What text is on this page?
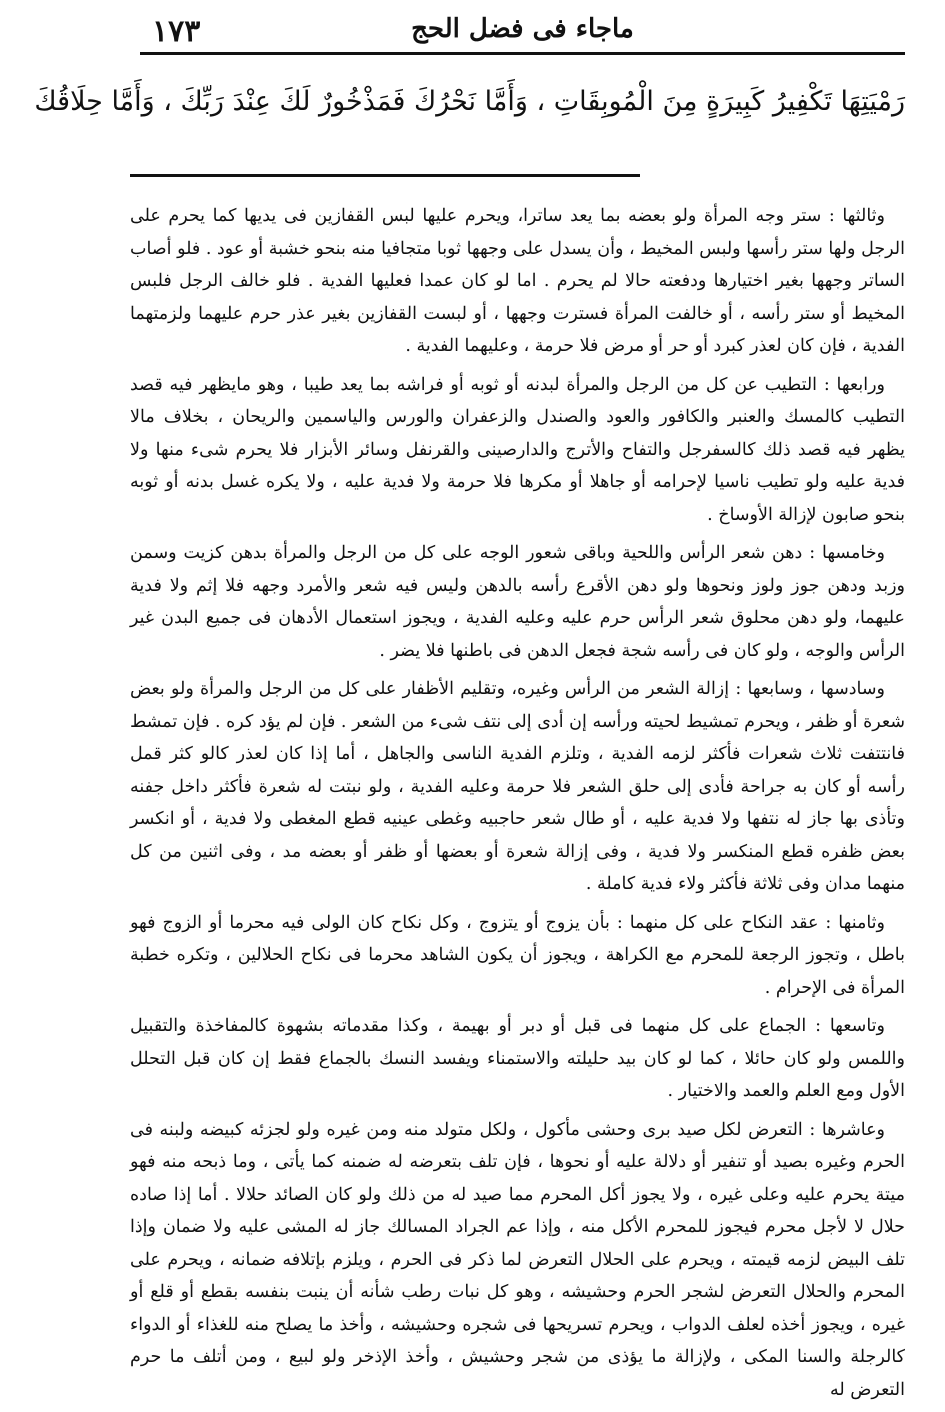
١٧٣	ماجاء فى فضل الحج
رَمْيَتِهَا تَكْفِيرُ كَبِيرَةٍ مِنَ الْمُوبِقَاتِ ، وَأَمَّا نَحْرُكَ فَمَذْخُورٌ لَكَ عِنْدَ رَبِّكَ ، وَأَمَّا حِلَاقُكَ

وثالثها : ستر وجه المرأة ولو بعضه بما يعد ساترا، ويحرم عليها لبس القفازين فى يديها كما يحرم على الرجل ولها ستر رأسها ولبس المخيط ، وأن يسدل على وجهها ثوبا متجافيا منه بنحو خشبة أو عود . فلو أصاب الساتر وجهها بغير اختيارها ودفعته حالا لم يحرم . اما لو كان عمدا فعليها الفدية . فلو خالف الرجل فلبس المخيط أو ستر رأسه ، أو خالفت المرأة فسترت وجهها ، أو لبست القفازين بغير عذر حرم عليهما ولزمتهما الفدية ، فإن كان لعذر كبرد أو حر أو مرض فلا حرمة ، وعليهما الفدية .

ورابعها : التطيب عن كل من الرجل والمرأة لبدنه أو ثوبه أو فراشه بما يعد طيبا ، وهو مايظهر فيه قصد التطيب كالمسك والعنبر والكافور والعود والصندل والزعفران والورس والياسمين والريحان ، بخلاف مالا يظهر فيه قصد ذلك كالسفرجل والتفاح والأترج والدارصينى والقرنفل وسائر الأبزار فلا يحرم شىء منها ولا فدية عليه ولو تطيب ناسيا لإحرامه أو جاهلا أو مكرها فلا حرمة ولا فدية عليه ، ولا يكره غسل بدنه أو ثوبه بنحو صابون لإزالة الأوساخ .

وخامسها : دهن شعر الرأس واللحية وباقى شعور الوجه على كل من الرجل والمرأة بدهن كزيت وسمن وزبد ودهن جوز ولوز ونحوها ولو دهن الأقرع رأسه بالدهن وليس فيه شعر والأمرد وجهه فلا إثم ولا فدية عليهما، ولو دهن محلوق شعر الرأس حرم عليه وعليه الفدية ، ويجوز استعمال الأدهان فى جميع البدن غير الرأس والوجه ، ولو كان فى رأسه شجة فجعل الدهن فى باطنها فلا يضر .

وسادسها ، وسابعها : إزالة الشعر من الرأس وغيره، وتقليم الأظفار على كل من الرجل والمرأة ولو بعض شعرة أو ظفر ، ويحرم تمشيط لحيته ورأسه إن أدى إلى نتف شىء من الشعر . فإن لم يؤد كره . فإن تمشط فانتتفت ثلاث شعرات فأكثر لزمه الفدية ، وتلزم الفدية الناسى والجاهل ، أما إذا كان لعذر كالو كثر قمل رأسه أو كان به جراحة فأدى إلى حلق الشعر فلا حرمة وعليه الفدية ، ولو نبتت له شعرة فأكثر داخل جفنه وتأذى بها جاز له نتفها ولا فدية عليه ، أو طال شعر حاجبيه وغطى عينيه قطع المغطى ولا فدية ، أو انكسر بعض ظفره قطع المنكسر ولا فدية ، وفى إزالة شعرة أو بعضها أو ظفر أو بعضه مد ، وفى اثنين من كل منهما مدان وفى ثلاثة فأكثر ولاء فدية كاملة .

وثامنها : عقد النكاح على كل منهما : بأن يزوج أو يتزوج ، وكل نكاح كان الولى فيه محرما أو الزوج فهو باطل ، وتجوز الرجعة للمحرم مع الكراهة ، ويجوز أن يكون الشاهد محرما فى نكاح الحلالين ، وتكره خطبة المرأة فى الإحرام .

وتاسعها : الجماع على كل منهما فى قبل أو دبر أو بهيمة ، وكذا مقدماته بشهوة كالمفاخذة والتقبيل واللمس ولو كان حائلا ، كما لو كان بيد حليلته والاستمناء ويفسد النسك بالجماع فقط إن كان قبل التحلل الأول ومع العلم والعمد والاختيار .

وعاشرها : التعرض لكل صيد برى وحشى مأكول ، ولكل متولد منه ومن غيره ولو لجزئه كبيضه ولبنه فى الحرم وغيره بصيد أو تنفير أو دلالة عليه أو نحوها ، فإن تلف بتعرضه له ضمنه كما يأتى ، وما ذبحه منه فهو ميتة يحرم عليه وعلى غيره ، ولا يجوز أكل المحرم مما صيد له من ذلك ولو كان الصائد حلالا . أما إذا صاده حلال لا لأجل محرم فيجوز للمحرم الأكل منه ، وإذا عم الجراد المسالك جاز له المشى عليه ولا ضمان وإذا تلف البيض لزمه قيمته ، ويحرم على الحلال التعرض لما ذكر فى الحرم ، ويلزم بإتلافه ضمانه ، ويحرم على المحرم والحلال التعرض لشجر الحرم وحشيشه ، وهو كل نبات رطب شأنه أن ينبت بنفسه بقطع أو قلع أو غيره ، ويجوز أخذه لعلف الدواب ، ويحرم تسريحها فى شجره وحشيشه ، وأخذ ما يصلح منه للغذاء أو الدواء كالرجلة والسنا المكى ، ولإزالة ما يؤذى من شجر وحشيش ، وأخذ الإذخر ولو لبيع ، ومن أتلف ما حرم التعرض له
